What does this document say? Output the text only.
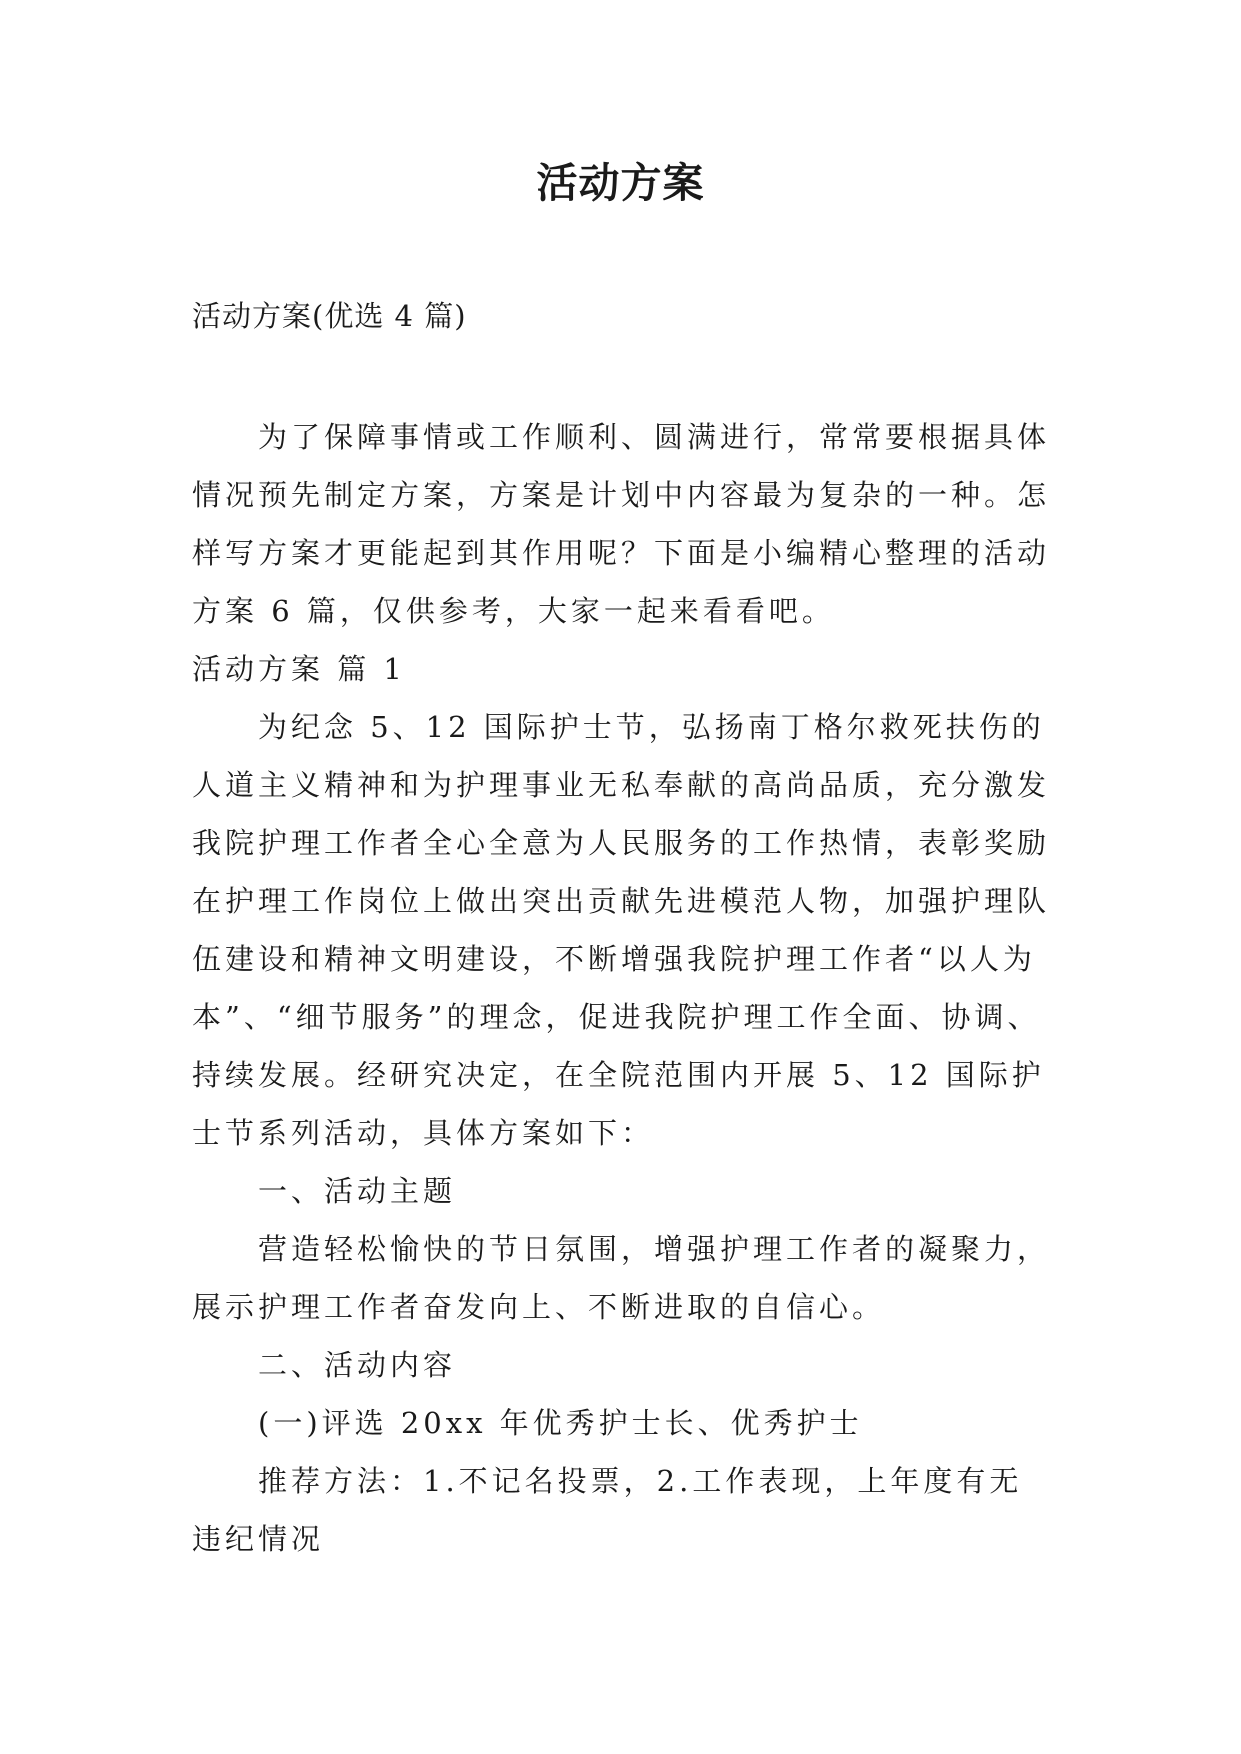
活动方案

活动方案(优选 4 篇)

为了保障事情或工作顺利、圆满进行，常常要根据具体情况预先制定方案，方案是计划中内容最为复杂的一种。怎样写方案才更能起到其作用呢？下面是小编精心整理的活动方案 6 篇，仅供参考，大家一起来看看吧。

活动方案 篇 1

为纪念 5、12 国际护士节，弘扬南丁格尔救死扶伤的人道主义精神和为护理事业无私奉献的高尚品质，充分激发我院护理工作者全心全意为人民服务的工作热情，表彰奖励在护理工作岗位上做出突出贡献先进模范人物，加强护理队伍建设和精神文明建设，不断增强我院护理工作者“以人为本”、“细节服务”的理念，促进我院护理工作全面、协调、持续发展。经研究决定，在全院范围内开展 5、12 国际护士节系列活动，具体方案如下：

一、活动主题

营造轻松愉快的节日氛围，增强护理工作者的凝聚力，展示护理工作者奋发向上、不断进取的自信心。

二、活动内容

(一)评选 20xx 年优秀护士长、优秀护士

推荐方法：1.不记名投票，2.工作表现，上年度有无违纪情况
